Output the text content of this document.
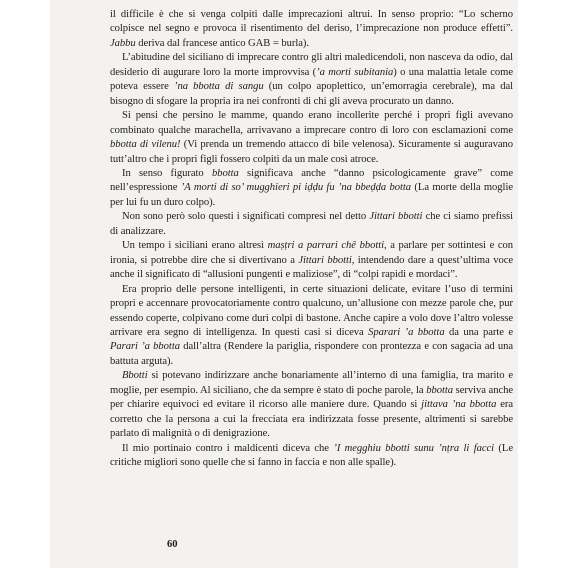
il difficile è che si venga colpiti dalle imprecazioni altrui. In senso proprio: “Lo scherno colpisce nel segno e provoca il risentimento del deriso, l’imprecazione non produce effetti”. Jabbu deriva dal francese antico GAB = burla).

L’abitudine del siciliano di imprecare contro gli altri maledicendoli, non nasceva da odio, dal desiderio di augurare loro la morte improvvisa (’a morti subitania) o una malattia letale come poteva essere ’na bbotta di sangu (un colpo apoplettico, un’emorragia cerebrale), ma dal bisogno di sfogare la propria ira nei confronti di chi gli aveva procurato un danno.

Si pensi che persino le mamme, quando erano incollerite perché i propri figli avevano combinato qualche marachella, arrivavano a imprecare contro di loro con esclamazioni come bbotta di vilenu! (Vi prenda un tremendo attacco di bile velenosa). Sicuramente si auguravano tutt’altro che i propri figli fossero colpiti da un male così atroce.

In senso figurato bbotta significava anche “danno psicologicamente grave” come nell’espressione ’A morti di so’ mugghieri pi iḍḍu fu ’na bbeḍḍa botta (La morte della moglie per lui fu un duro colpo).

Non sono però solo questi i significati compresi nel detto Jittari bbotti che ci siamo prefissi di analizzare.

Un tempo i siciliani erano altresì maṣṭri a parrari chê bbotti, a parlare per sottintesi e con ironia, si potrebbe dire che si divertivano a Jittari bbotti, intendendo dare a quest’ultima voce anche il significato di “allusioni pungenti e maliziose”, di “colpi rapidi e mordaci”.

Era proprio delle persone intelligenti, in certe situazioni delicate, evitare l’uso di termini propri e accennare provocatoriamente contro qualcuno, un’allusione con mezze parole che, pur essendo coperte, colpivano come duri colpi di bastone. Anche capire a volo dove l’altro volesse arrivare era segno di intelligenza. In questi casi si diceva Sparari ’a bbotta da una parte e Parari ’a bbotta dall’altra (Rendere la pariglia, rispondere con prontezza e con sagacia ad una battuta arguta).

Bbotti si potevano indirizzare anche bonariamente all’interno di una famiglia, tra marito e moglie, per esempio. Al siciliano, che da sempre è stato di poche parole, la bbotta serviva anche per chiarire equivoci ed evitare il ricorso alle maniere dure. Quando si jittava ’na bbotta era corretto che la persona a cui la frecciata era indirizzata fosse presente, altrimenti si sarebbe parlato di malignità o di denigrazione.

Il mio portinaio contro i maldicenti diceva che ’I megghiu bbotti sunu ’nṭra li facci (Le critiche migliori sono quelle che si fanno in faccia e non alle spalle).

60
